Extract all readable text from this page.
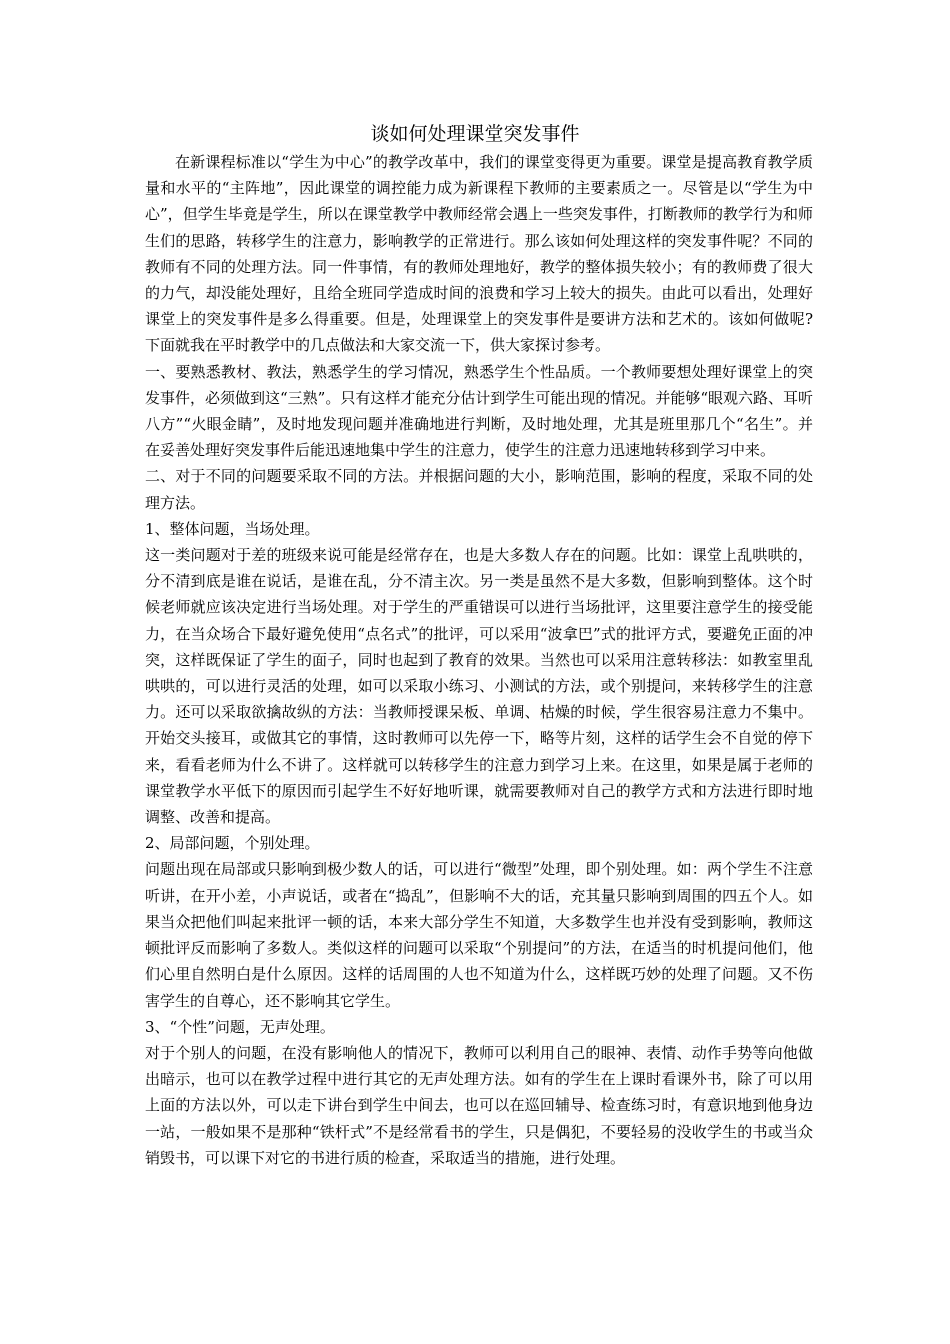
谈如何处理课堂突发事件

在新课程标准以“学生为中心”的教学改革中，我们的课堂变得更为重要。课堂是提高教育教学质量和水平的“主阵地”，因此课堂的调控能力成为新课程下教师的主要素质之一。尽管是以“学生为中心”，但学生毕竟是学生，所以在课堂教学中教师经常会遇上一些突发事件，打断教师的教学行为和师生们的思路，转移学生的注意力，影响教学的正常进行。那么该如何处理这样的突发事件呢？不同的教师有不同的处理方法。同一件事情，有的教师处理地好，教学的整体损失较小；有的教师费了很大的力气，却没能处理好，且给全班同学造成时间的浪费和学习上较大的损失。由此可以看出，处理好课堂上的突发事件是多么得重要。但是，处理课堂上的突发事件是要讲方法和艺术的。该如何做呢?下面就我在平时教学中的几点做法和大家交流一下，供大家探讨参考。

一、要熟悉教材、教法，熟悉学生的学习情况，熟悉学生个性品质。一个教师要想处理好课堂上的突发事件，必须做到这“三熟”。只有这样才能充分估计到学生可能出现的情况。并能够“眼观六路、耳听八方”“火眼金睛”，及时地发现问题并准确地进行判断，及时地处理，尤其是班里那几个“名生”。并在妥善处理好突发事件后能迅速地集中学生的注意力，使学生的注意力迅速地转移到学习中来。

二、对于不同的问题要采取不同的方法。并根据问题的大小，影响范围，影响的程度，采取不同的处理方法。

1、整体问题，当场处理。

这一类问题对于差的班级来说可能是经常存在，也是大多数人存在的问题。比如：课堂上乱哄哄的，分不清到底是谁在说话，是谁在乱，分不清主次。另一类是虽然不是大多数，但影响到整体。这个时候老师就应该决定进行当场处理。对于学生的严重错误可以进行当场批评，这里要注意学生的接受能力，在当众场合下最好避免使用“点名式”的批评，可以采用“波拿巴”式的批评方式，要避免正面的冲突，这样既保证了学生的面子，同时也起到了教育的效果。当然也可以采用注意转移法：如教室里乱哄哄的，可以进行灵活的处理，如可以采取小练习、小测试的方法，或个别提问，来转移学生的注意力。还可以采取欲擒故纵的方法：当教师授课呆板、单调、枯燥的时候，学生很容易注意力不集中。开始交头接耳，或做其它的事情，这时教师可以先停一下，略等片刻，这样的话学生会不自觉的停下来，看看老师为什么不讲了。这样就可以转移学生的注意力到学习上来。在这里，如果是属于老师的课堂教学水平低下的原因而引起学生不好好地听课，就需要教师对自己的教学方式和方法进行即时地调整、改善和提高。

2、局部问题，个别处理。

问题出现在局部或只影响到极少数人的话，可以进行“微型”处理，即个别处理。如：两个学生不注意听讲，在开小差，小声说话，或者在“捣乱”，但影响不大的话，充其量只影响到周围的四五个人。如果当众把他们叫起来批评一顿的话，本来大部分学生不知道，大多数学生也并没有受到影响，教师这顿批评反而影响了多数人。类似这样的问题可以采取“个别提问”的方法，在适当的时机提问他们，他们心里自然明白是什么原因。这样的话周围的人也不知道为什么，这样既巧妙的处理了问题。又不伤害学生的自尊心，还不影响其它学生。

3、“个性”问题，无声处理。

对于个别人的问题，在没有影响他人的情况下，教师可以利用自己的眼神、表情、动作手势等向他做出暗示，也可以在教学过程中进行其它的无声处理方法。如有的学生在上课时看课外书，除了可以用上面的方法以外，可以走下讲台到学生中间去，也可以在巡回辅导、检查练习时，有意识地到他身边一站，一般如果不是那种“铁杆式”不是经常看书的学生，只是偶犯，不要轻易的没收学生的书或当众销毁书，可以课下对它的书进行质的检查，采取适当的措施，进行处理。
